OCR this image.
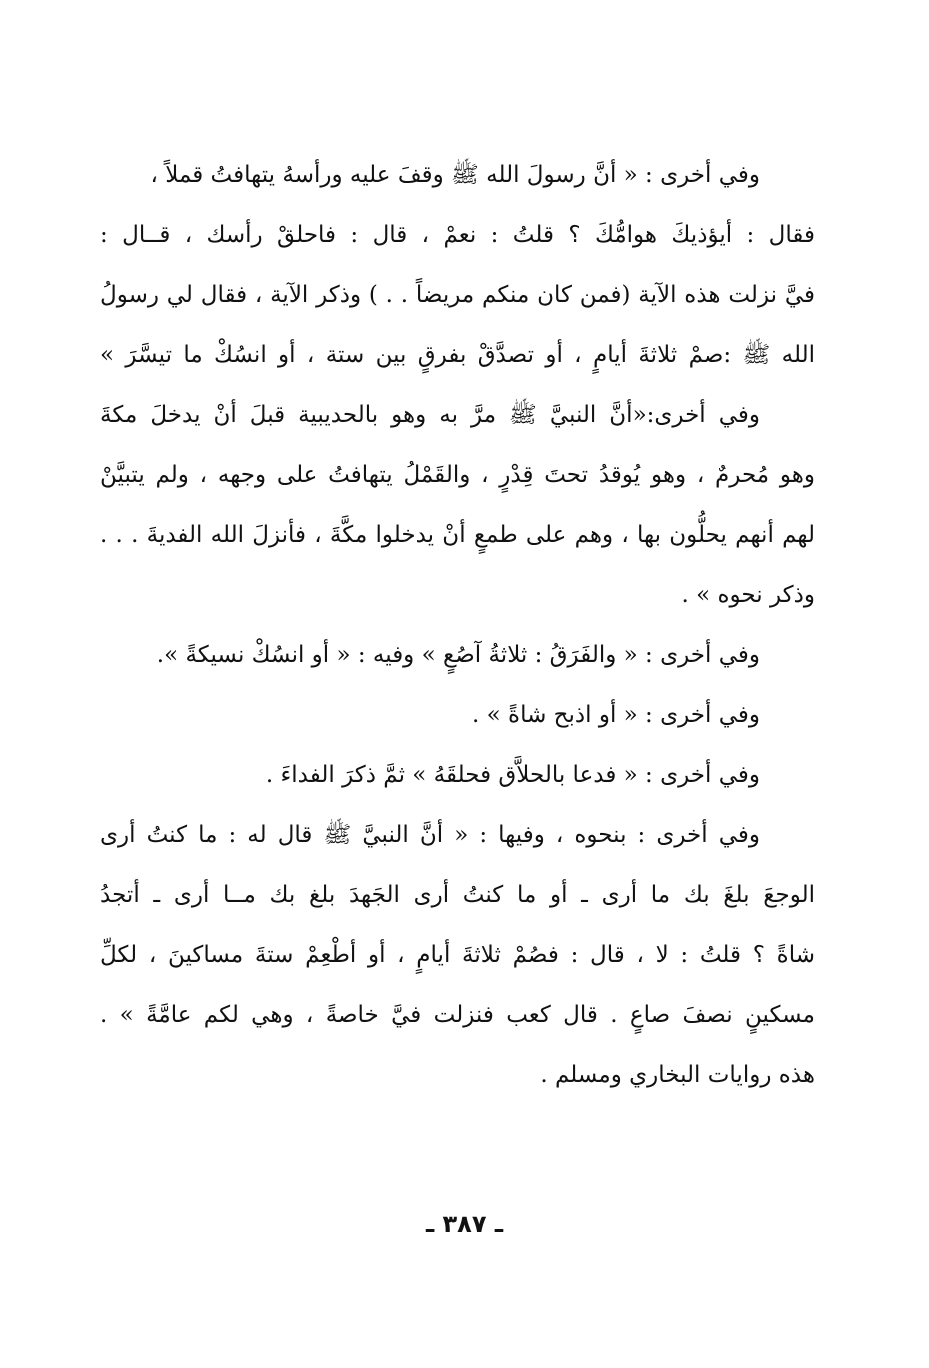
وفي أخرى : « أنَّ رسولَ الله ﷺ وقفَ عليه ورأسهُ يتهافتُ قملاً ،
فقال : أيؤذيكَ هوامُّكَ ؟ قلتُ : نعمْ ، قال : فاحلقْ رأسك ، قــال :
فيَّ نزلت هذه الآية (فمن كان منكم مريضاً . . ) وذكر الآية ، فقال لي رسولُ
الله ﷺ :صمْ ثلاثةَ أيامٍ ، أو تصدَّقْ بفرقٍ بين ستة ، أو انسُكْ ما تيسَّرَ »
وفي أخرى:«أنَّ النبيَّ ﷺ مرَّ به وهو بالحديبية قبلَ أنْ يدخلَ مكةَ
وهو مُحرمٌ ، وهو يُوقدُ تحتَ قِدْرٍ ، والقَمْلُ يتهافتُ على وجهه ، ولم يتبيَّنْ
لهم أنهم يحلُّون بها ، وهم على طمعٍ أنْ يدخلوا مكَّةَ ، فأنزلَ الله الفديةَ . . .
وذكر نحوه » .
وفي أخرى : « والفَرَقُ : ثلاثةُ آصُعٍ » وفيه : « أو انسُكْ نسيكةً ».
وفي أخرى : « أو اذبح شاةً » .
وفي أخرى : « فدعا بالحلاَّق فحلقَهُ » ثمَّ ذكرَ الفداءَ .
وفي أخرى : بنحوه ، وفيها : « أنَّ النبيَّ ﷺ قال له : ما كنتُ أرى
الوجعَ بلغَ بك ما أرى ـ أو ما كنتُ أرى الجَهدَ بلغ بك مــا أرى ـ أتجدُ
شاةً ؟ قلتُ : لا ، قال : فصُمْ ثلاثةَ أيامٍ ، أو أطْعِمْ ستةَ مساكينَ ، لكلِّ
مسكينٍ نصفَ صاعٍ . قال كعب فنزلت فيَّ خاصةً ، وهي لكم عامَّةً » .
هذه روايات البخاري ومسلم .
ـ ٣٨٧ ـ
